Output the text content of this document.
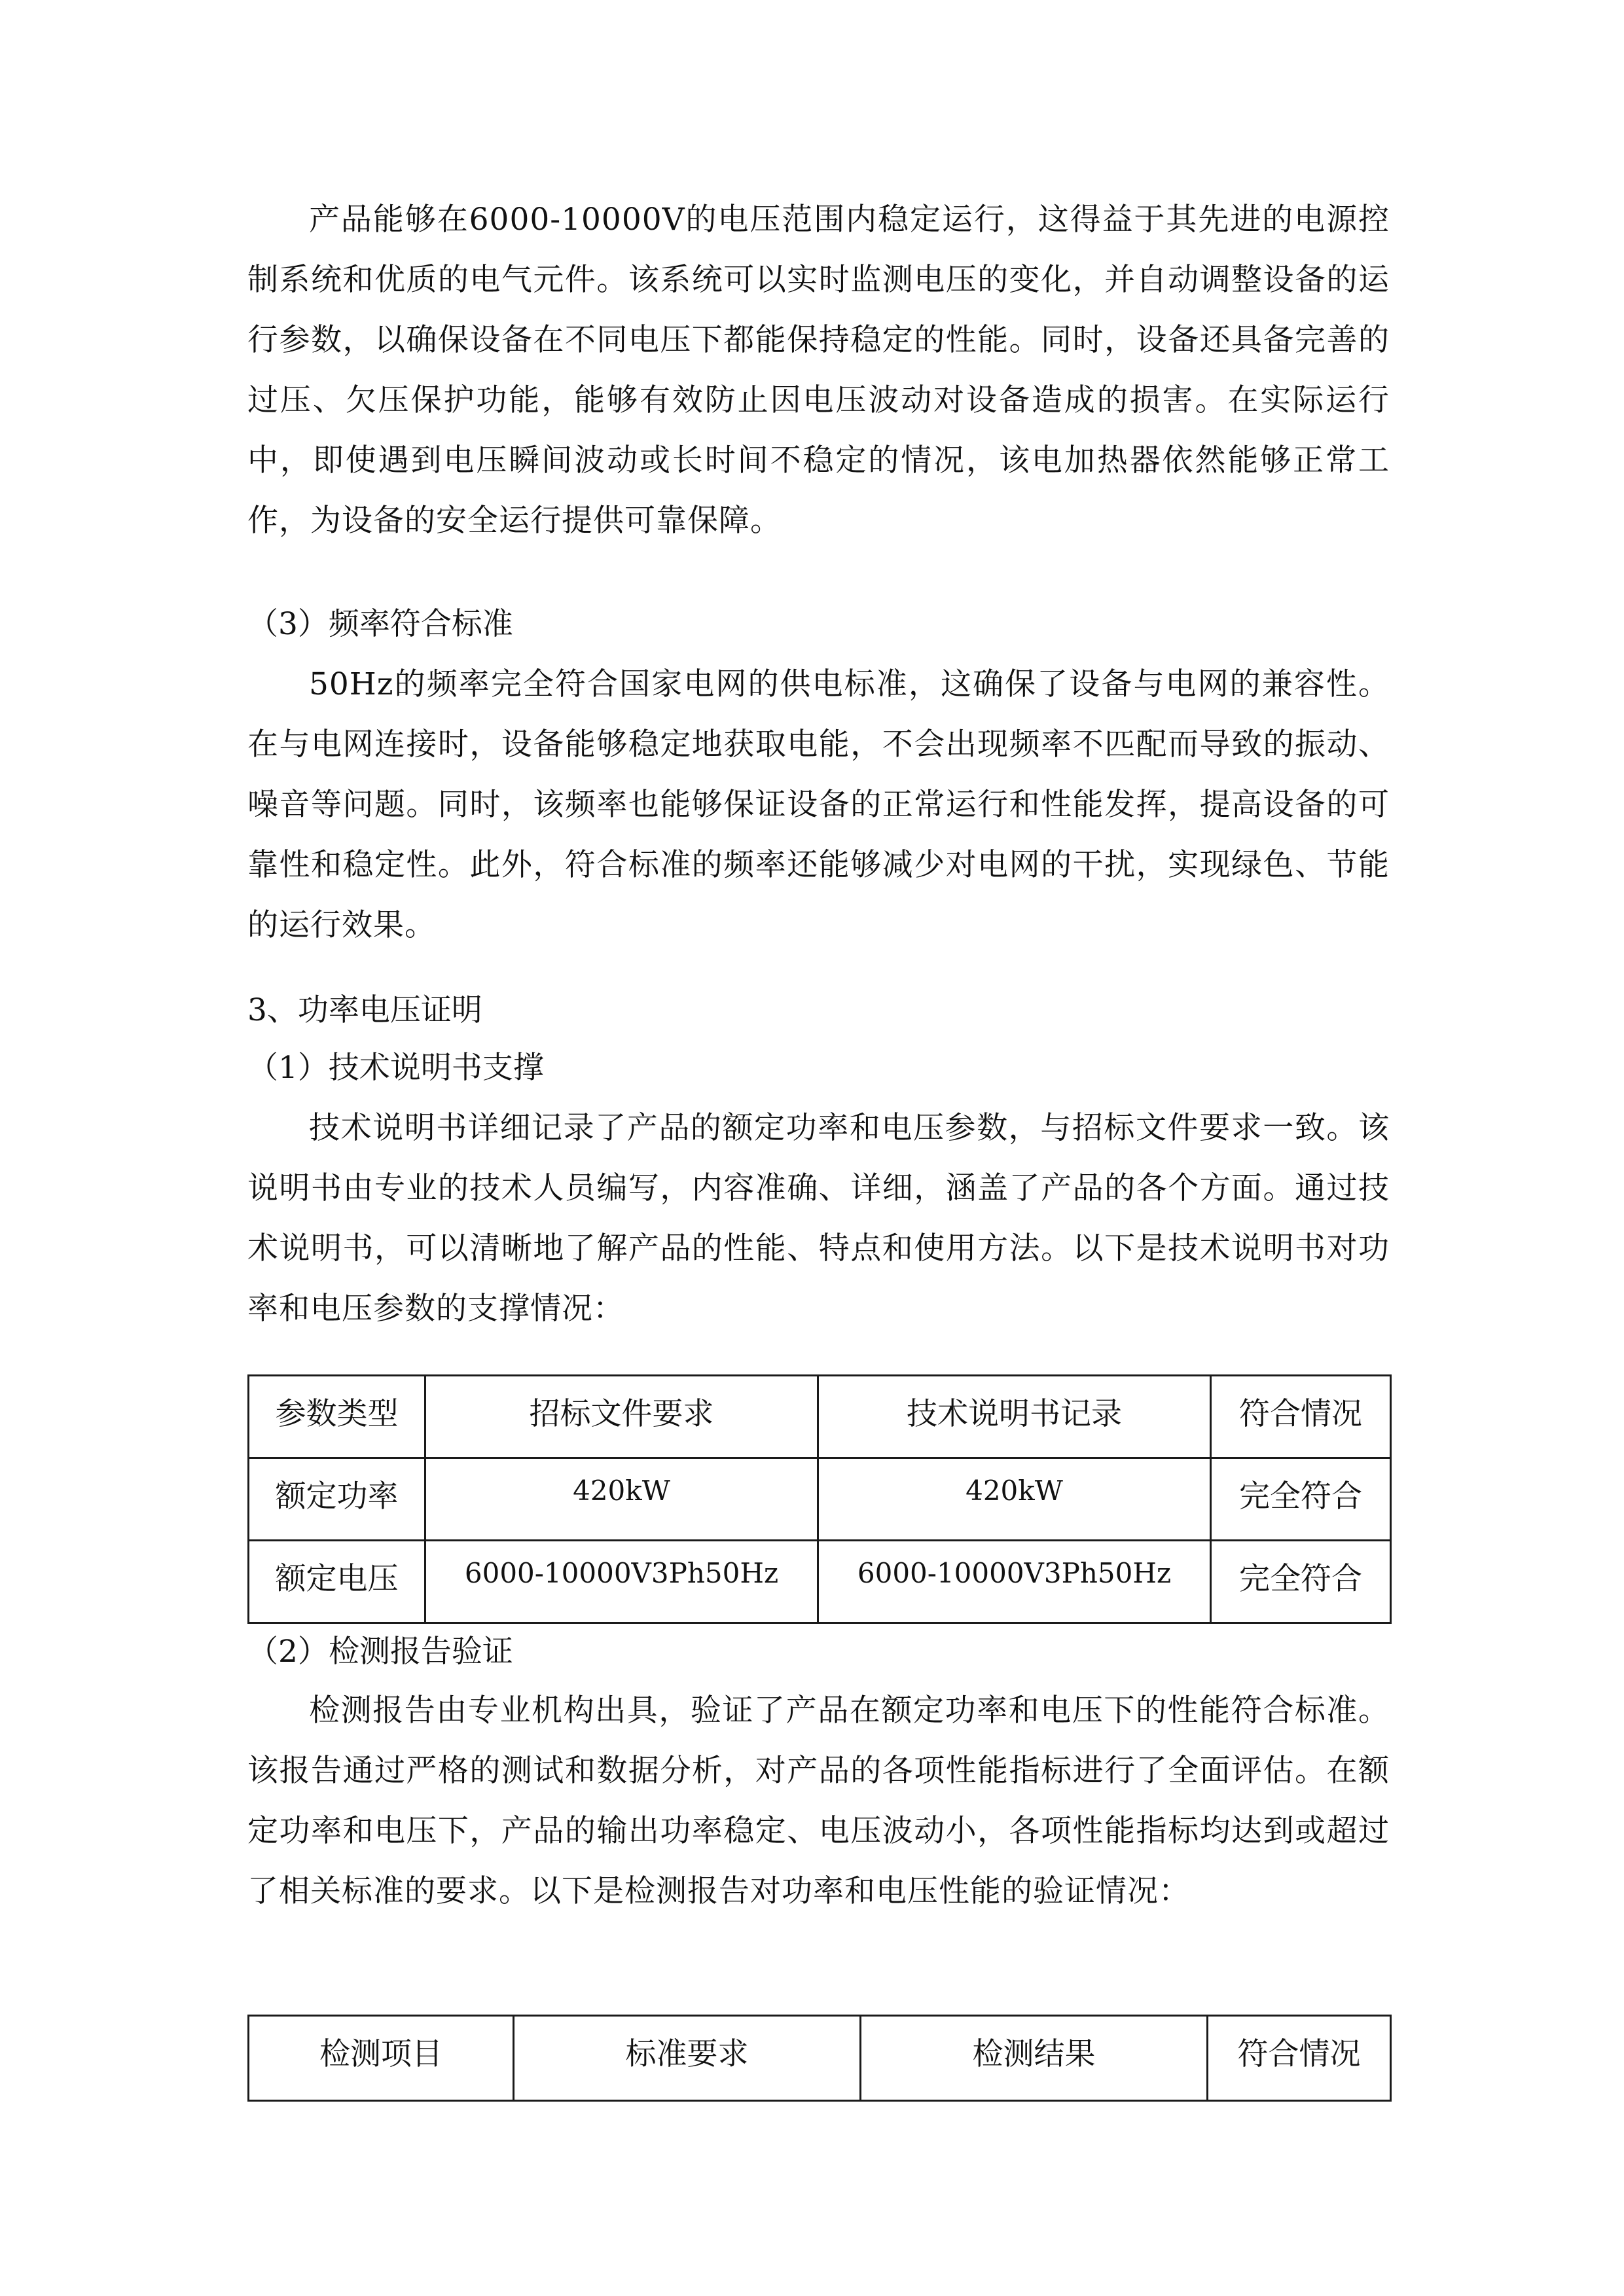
产品能够在6000-10000V的电压范围内稳定运行，这得益于其先进的电源控制系统和优质的电气元件。该系统可以实时监测电压的变化，并自动调整设备的运行参数，以确保设备在不同电压下都能保持稳定的性能。同时，设备还具备完善的过压、欠压保护功能，能够有效防止因电压波动对设备造成的损害。在实际运行中，即使遇到电压瞬间波动或长时间不稳定的情况，该电加热器依然能够正常工作，为设备的安全运行提供可靠保障。

（3）频率符合标准

50Hz的频率完全符合国家电网的供电标准，这确保了设备与电网的兼容性。在与电网连接时，设备能够稳定地获取电能，不会出现频率不匹配而导致的振动、噪音等问题。同时，该频率也能够保证设备的正常运行和性能发挥，提高设备的可靠性和稳定性。此外，符合标准的频率还能够减少对电网的干扰，实现绿色、节能的运行效果。

3、功率电压证明

（1）技术说明书支撑

技术说明书详细记录了产品的额定功率和电压参数，与招标文件要求一致。该说明书由专业的技术人员编写，内容准确、详细，涵盖了产品的各个方面。通过技术说明书，可以清晰地了解产品的性能、特点和使用方法。以下是技术说明书对功率和电压参数的支撑情况：

参数类型	招标文件要求	技术说明书记录	符合情况
额定功率	420kW	420kW	完全符合
额定电压	6000-10000V3Ph50Hz	6000-10000V3Ph50Hz	完全符合

（2）检测报告验证

检测报告由专业机构出具，验证了产品在额定功率和电压下的性能符合标准。该报告通过严格的测试和数据分析，对产品的各项性能指标进行了全面评估。在额定功率和电压下，产品的输出功率稳定、电压波动小，各项性能指标均达到或超过了相关标准的要求。以下是检测报告对功率和电压性能的验证情况：

检测项目	标准要求	检测结果	符合情况
